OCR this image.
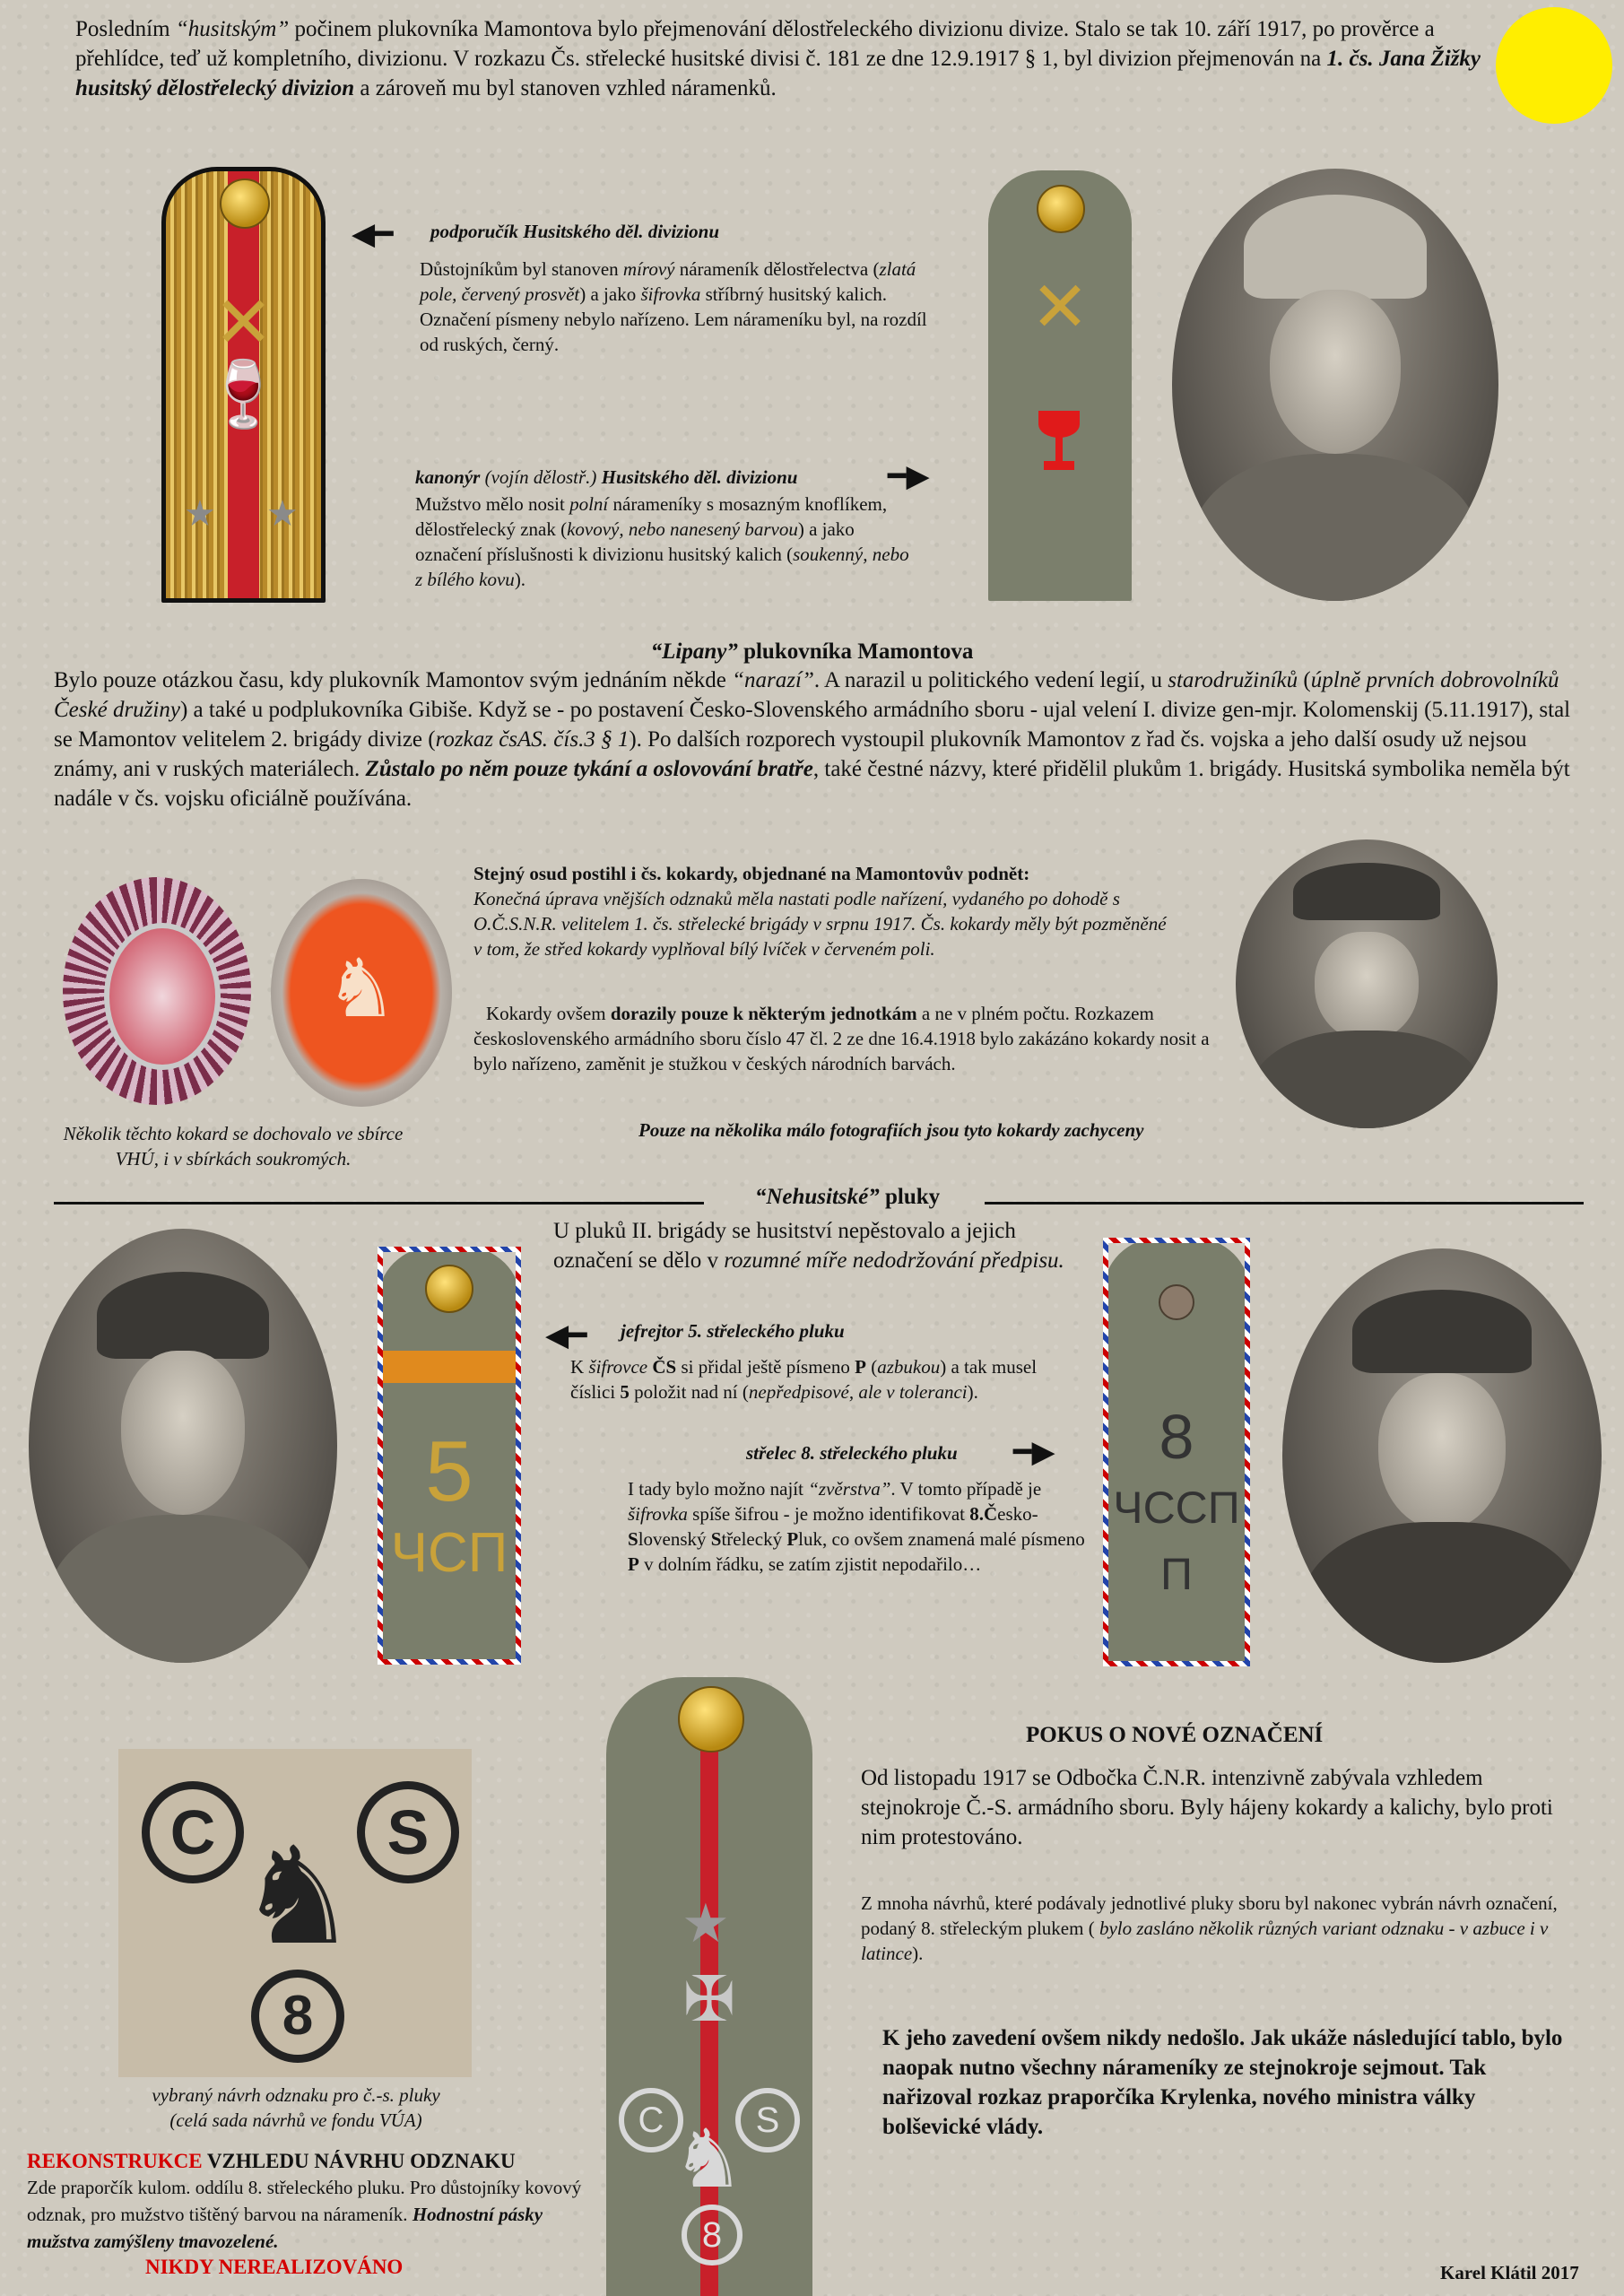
Posledním “husitským” počinem plukovníka Mamontova bylo přejmenování dělostřeleckého divizionu divize. Stalo se tak 10. září 1917, po prověrce a přehlídce, teď už kompletního, divizionu. V rozkazu Čs. střelecké husitské divisi č. 181 ze dne 12.9.1917 § 1, byl divizion přejmenován na 1. čs. Jana Žižky husitský dělostřelecký divizion a zároveň mu byl stanoven vzhled náramenků.
✕
🍷
★ ★
◀━ podporučík Husitského děl. divizionu
Důstojníkům byl stanoven mírový nárameník dělostřelectva (zlatá pole, červený prosvět) a jako šifrovka stříbrný husitský kalich. Označení písmeny nebylo nařízeno. Lem nárameníku byl, na rozdíl od ruských, černý.	✕
kanonýr (vojín dělostř.) Husitského děl. divizionu	━▶
Mužstvo mělo nosit polní nárameníky s mosazným knoflíkem, dělostřelecký znak (kovový, nebo nanesený barvou) a jako označení příslušnosti k divizionu husitský kalich (soukenný, nebo z bílého kovu).
“Lipany” plukovníka Mamontova
Bylo pouze otázkou času, kdy plukovník Mamontov svým jednáním někde “narazí”. A narazil u politického vedení legií, u starodružiníků (úplně prvních dobrovolníků České družiny) a také u podplukovníka Gibiše. Když se - po postavení Česko-Slovenského armádního sboru - ujal velení I. divize gen-mjr. Kolomenskij (5.11.1917), stal se Mamontov velitelem 2. brigády divize (rozkaz čsAS. čís.3 § 1). Po dalších rozporech vystoupil plukovník Mamontov z řad čs. vojska a jeho další osudy už nejsou známy, ani v ruských materiálech. Zůstalo po něm pouze tykání a oslovování bratře, také čestné názvy, které přidělil plukům 1. brigády. Husitská symbolika neměla být nadále v čs. vojsku oficiálně používána.
♞
Několik těchto kokard se dochovalo ve sbírce VHÚ, i v sbírkách soukromých.
Stejný osud postihl i čs. kokardy, objednané na Mamontovův podnět:
Konečná úprava vnějších odznaků měla nastati podle nařízení, vydaného po dohodě s O.Č.S.N.R. velitelem 1. čs. střelecké brigády v srpnu 1917. Čs. kokardy měly být pozměněné v tom, že střed kokardy vyplňoval bílý lvíček v červeném poli.
Kokardy ovšem dorazily pouze k některým jednotkám a ne v plném počtu. Rozkazem československého armádního sboru číslo 47 čl. 2 ze dne 16.4.1918 bylo zakázáno kokardy nosit a bylo nařízeno, zaměnit je stužkou v českých národních barvách.
Pouze na několika málo fotografiích jsou tyto kokardy zachyceny
“Nehusitské” pluky
U pluků II. brigády se husitství nepěstovalo a jejich označení se dělo v rozumné míře nedodržování předpisu.
5
ЧСП
◀━ jefrejtor 5. střeleckého pluku
K šifrovce ČS si přidal ještě písmeno P (azbukou) a tak musel číslici 5 položit nad ní (nepředpisové, ale v toleranci).
střelec 8. střeleckého pluku ━▶
I tady bylo možno najít “zvěrstva”. V tomto případě je šifrovka spíše šifrou - je možno identifikovat 8.Česko-Slovenský Střelecký Pluk, co ovšem znamená malé písmeno P v dolním řádku, se zatím zjistit nepodařilo…
8
ЧССП
П
C	S
♞
8
vybraný návrh odznaku pro č.-s. pluky
(celá sada návrhů ve fondu VÚA)
REKONSTRUKCE VZHLEDU NÁVRHU ODZNAKU
Zde praporčík kulom. oddílu 8. střeleckého pluku. Pro důstojníky kovový odznak, pro mužstvo tištěný barvou na nárameník. Hodnostní pásky mužstva zamýšleny tmavozelené.
NIKDY NEREALIZOVÁNO
★
✠
C	S
♞
8
POKUS O NOVÉ OZNAČENÍ
Od listopadu 1917 se Odbočka Č.N.R. intenzivně zabývala vzhledem stejnokroje Č.-S. armádního sboru. Byly hájeny kokardy a kalichy, bylo proti nim protestováno.
Z mnoha návrhů, které podávaly jednotlivé pluky sboru byl nakonec vybrán návrh označení, podaný 8. střeleckým plukem ( bylo zasláno několik různých variant odznaku - v azbuce i v latince).
K jeho zavedení ovšem nikdy nedošlo. Jak ukáže následující tablo, bylo naopak nutno všechny nárameníky ze stejnokroje sejmout. Tak nařizoval rozkaz praporčíka Krylenka, nového ministra války bolševické vlády.
Karel Klátil 2017
